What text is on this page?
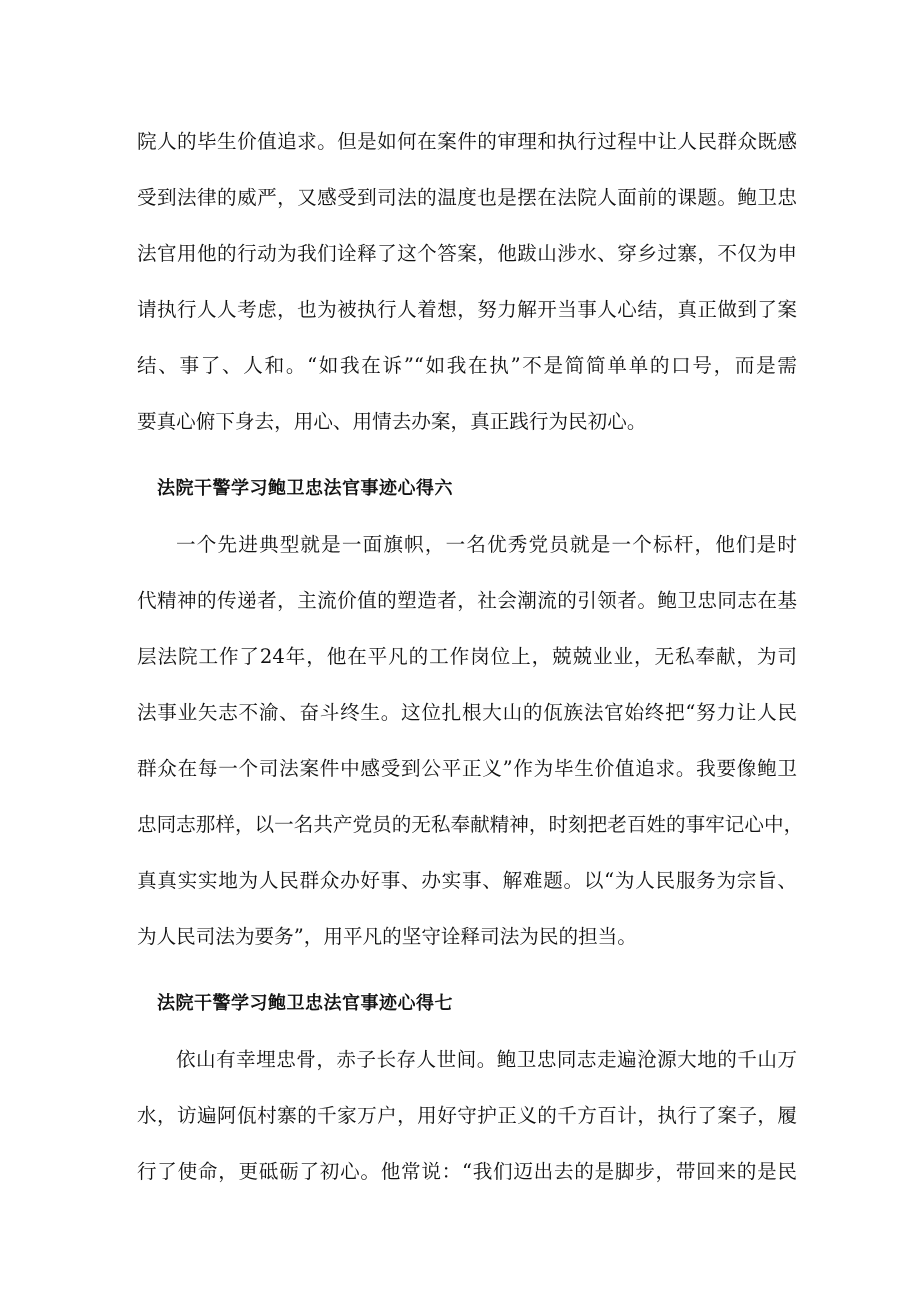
院人的毕生价值追求。但是如何在案件的审理和执行过程中让人民群众既感
受到法律的威严，又感受到司法的温度也是摆在法院人面前的课题。鲍卫忠
法官用他的行动为我们诠释了这个答案，他跋山涉水、穿乡过寨，不仅为申
请执行人人考虑，也为被执行人着想，努力解开当事人心结，真正做到了案
结、事了、人和。“如我在诉”“如我在执”不是简简单单的口号，而是需
要真心俯下身去，用心、用情去办案，真正践行为民初心。
法院干警学习鲍卫忠法官事迹心得六
一个先进典型就是一面旗帜，一名优秀党员就是一个标杆，他们是时
代精神的传递者，主流价值的塑造者，社会潮流的引领者。鲍卫忠同志在基
层法院工作了24年，他在平凡的工作岗位上，兢兢业业，无私奉献，为司
法事业矢志不渝、奋斗终生。这位扎根大山的佤族法官始终把“努力让人民
群众在每一个司法案件中感受到公平正义”作为毕生价值追求。我要像鲍卫
忠同志那样，以一名共产党员的无私奉献精神，时刻把老百姓的事牢记心中，
真真实实地为人民群众办好事、办实事、解难题。以“为人民服务为宗旨、
为人民司法为要务”，用平凡的坚守诠释司法为民的担当。
法院干警学习鲍卫忠法官事迹心得七
依山有幸埋忠骨，赤子长存人世间。鲍卫忠同志走遍沧源大地的千山万
水，访遍阿佤村寨的千家万户，用好守护正义的千方百计，执行了案子，履
行了使命，更砥砺了初心。他常说：“我们迈出去的是脚步，带回来的是民
